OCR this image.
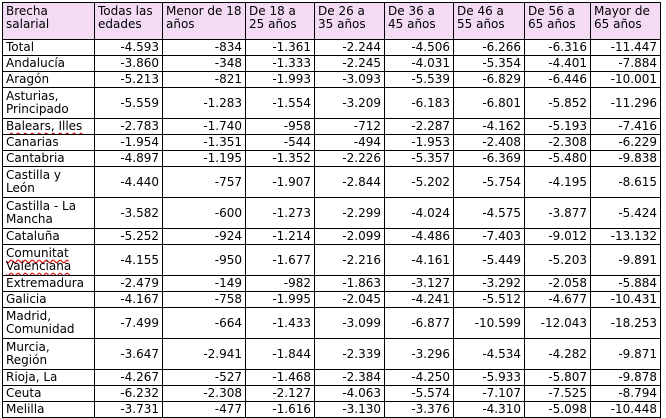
Brecha salarial	Todas las edades	Menor de 18 años	De 18 a 25 años	De 26 a 35 años	De 36 a 45 años	De 46 a 55 años	De 56 a 65 años	Mayor de 65 años
Total	-4.593	-834	-1.361	-2.244	-4.506	-6.266	-6.316	-11.447
Andalucía	-3.860	-348	-1.333	-2.245	-4.031	-5.354	-4.401	-7.884
Aragón	-5.213	-821	-1.993	-3.093	-5.539	-6.829	-6.446	-10.001
Asturias, Principado	-5.559	-1.283	-1.554	-3.209	-6.183	-6.801	-5.852	-11.296
Balears, Illes	-2.783	-1.740	-958	-712	-2.287	-4.162	-5.193	-7.416
Canarias	-1.954	-1.351	-544	-494	-1.953	-2.408	-2.308	-6.229
Cantabria	-4.897	-1.195	-1.352	-2.226	-5.357	-6.369	-5.480	-9.838
Castilla y León	-4.440	-757	-1.907	-2.844	-5.202	-5.754	-4.195	-8.615
Castilla - La Mancha	-3.582	-600	-1.273	-2.299	-4.024	-4.575	-3.877	-5.424
Cataluña	-5.252	-924	-1.214	-2.099	-4.486	-7.403	-9.012	-13.132
Comunitat Valenciana	-4.155	-950	-1.677	-2.216	-4.161	-5.449	-5.203	-9.891
Extremadura	-2.479	-149	-982	-1.863	-3.127	-3.292	-2.058	-5.884
Galicia	-4.167	-758	-1.995	-2.045	-4.241	-5.512	-4.677	-10.431
Madrid, Comunidad	-7.499	-664	-1.433	-3.099	-6.877	-10.599	-12.043	-18.253
Murcia, Región	-3.647	-2.941	-1.844	-2.339	-3.296	-4.534	-4.282	-9.871
Rioja, La	-4.267	-527	-1.468	-2.384	-4.250	-5.933	-5.807	-9.878
Ceuta	-6.232	-2.308	-2.127	-4.063	-5.574	-7.107	-7.525	-8.794
Melilla	-3.731	-477	-1.616	-3.130	-3.376	-4.310	-5.098	-10.448
